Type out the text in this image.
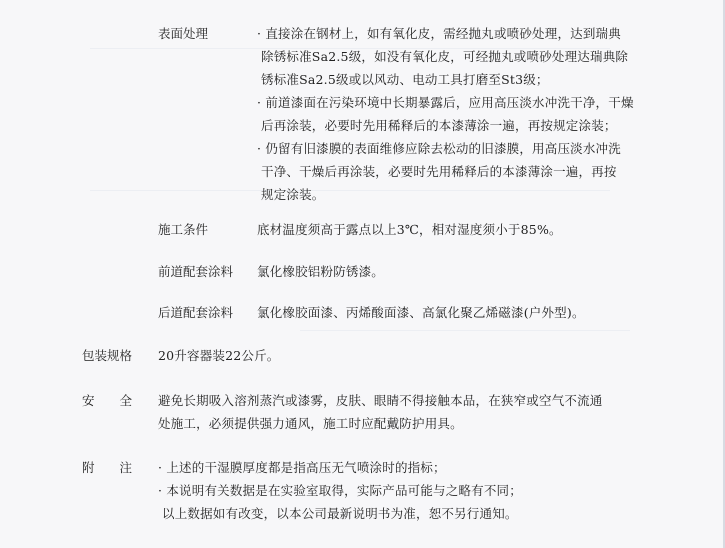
表面处理	· 直接涂在钢材上，如有氧化皮，需经抛丸或喷砂处理，达到瑞典
除锈标准Sa2.5级，如没有氧化皮，可经抛丸或喷砂处理达瑞典除
锈标准Sa2.5级或以风动、电动工具打磨至St3级；
· 前道漆面在污染环境中长期暴露后，应用高压淡水冲洗干净，干燥
后再涂装，必要时先用稀释后的本漆薄涂一遍，再按规定涂装；
· 仍留有旧漆膜的表面维修应除去松动的旧漆膜，用高压淡水冲洗
干净、干燥后再涂装，必要时先用稀释后的本漆薄涂一遍，再按
规定涂装。
施工条件	底材温度须高于露点以上3℃，相对湿度须小于85%。
前道配套涂料 氯化橡胶铝粉防锈漆。
后道配套涂料 氯化橡胶面漆、丙烯酸面漆、高氯化聚乙烯磁漆(户外型)。
包装规格 20升容器装22公斤。
安　　全 避免长期吸入溶剂蒸汽或漆雾，皮肤、眼睛不得接触本品，在狭窄或空气不流通
处施工，必须提供强力通风，施工时应配戴防护用具。
附　　注 · 上述的干湿膜厚度都是指高压无气喷涂时的指标；
· 本说明有关数据是在实验室取得，实际产品可能与之略有不同；
以上数据如有改变，以本公司最新说明书为准，恕不另行通知。
